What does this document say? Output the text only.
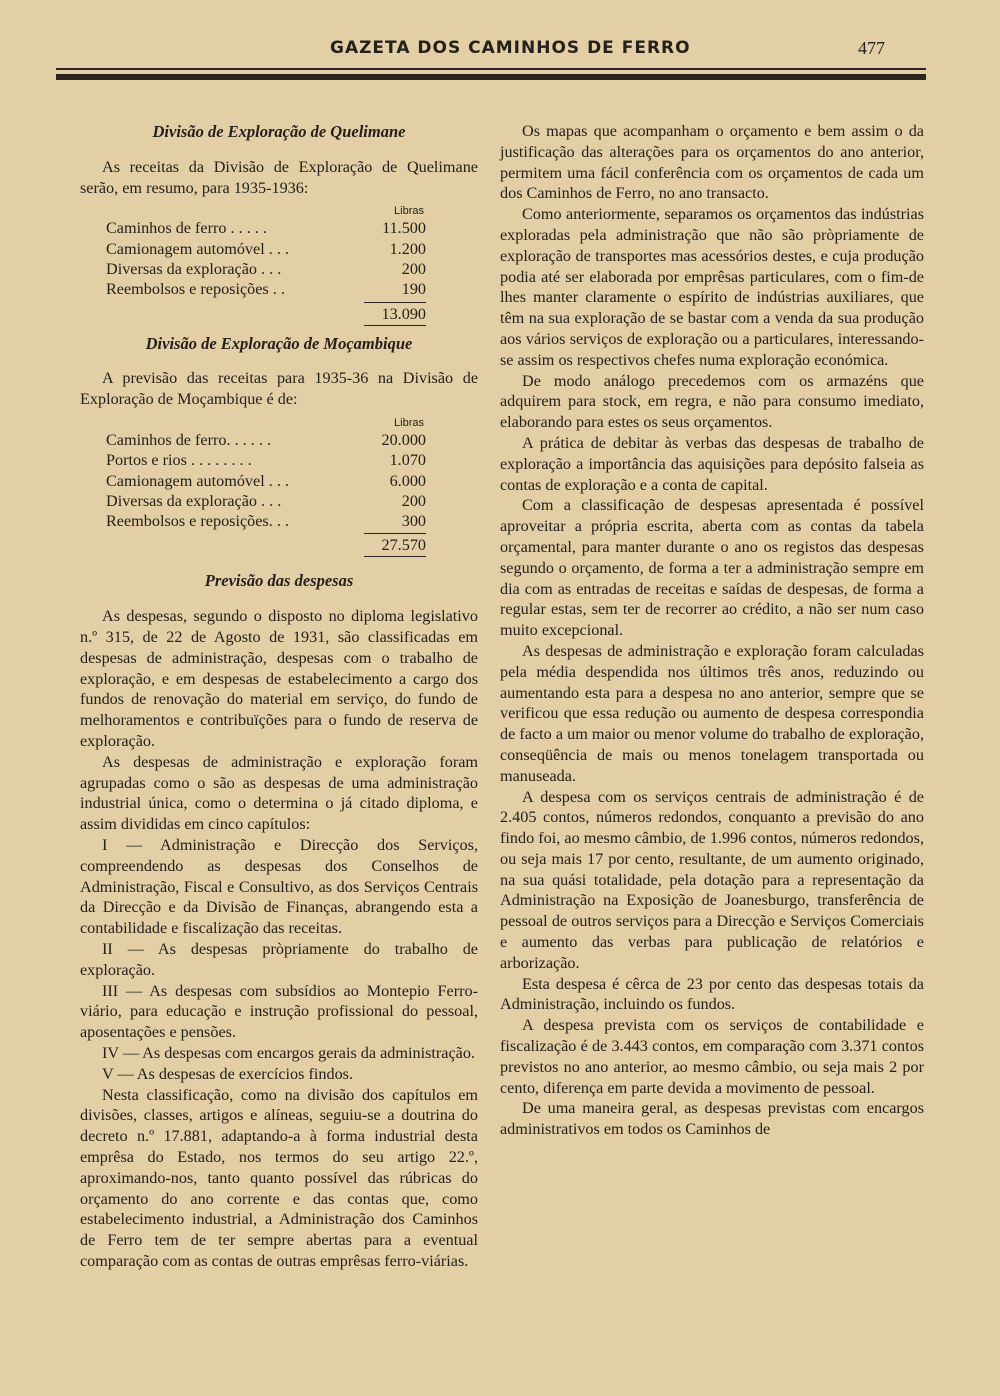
GAZETA DOS CAMINHOS DE FERRO	477
Divisão de Exploração de Quelimane

As receitas da Divisão de Exploração de Quelimane serão, em resumo, para 1935-1936:

Libras
Caminhos de ferro . . . . .	11.500
Camionagem automóvel . . .	1.200
Diversas da exploração . . .	200
Reembolsos e reposições . .	190
13.090
Divisão de Exploração de Moçambique

A previsão das receitas para 1935-36 na Divisão de Exploração de Moçambique é de:

Libras
Caminhos de ferro. . . . . .	20.000
Portos e rios . . . . . . . .	1.070
Camionagem automóvel . . .	6.000
Diversas da exploração . . .	200
Reembolsos e reposições. . .	300
27.570
Previsão das despesas

As despesas, segundo o disposto no diploma legislativo n.º 315, de 22 de Agosto de 1931, são classificadas em despesas de administração, despesas com o trabalho de exploração, e em despesas de estabelecimento a cargo dos fundos de renovação do material em serviço, do fundo de melhoramentos e contribuïções para o fundo de reserva de exploração.

As despesas de administração e exploração foram agrupadas como o são as despesas de uma administração industrial única, como o determina o já citado diploma, e assim divididas em cinco capítulos:

I — Administração e Direcção dos Serviços, compreendendo as despesas dos Conselhos de Administração, Fiscal e Consultivo, as dos Serviços Centrais da Direcção e da Divisão de Finanças, abrangendo esta a contabilidade e fiscalização das receitas.

II — As despesas pròpriamente do trabalho de exploração.

III — As despesas com subsídios ao Montepio Ferro-viário, para educação e instrução profissional do pessoal, aposentações e pensões.

IV — As despesas com encargos gerais da administração.

V — As despesas de exercícios findos.

Nesta classificação, como na divisão dos capítulos em divisões, classes, artigos e alíneas, seguiu-se a doutrina do decreto n.º 17.881, adaptando-a à forma industrial desta emprêsa do Estado, nos termos do seu artigo 22.º, aproximando-nos, tanto quanto possível das rúbricas do orçamento do ano corrente e das contas que, como estabelecimento industrial, a Administração dos Caminhos de Ferro tem de ter sempre abertas para a eventual comparação com as contas de outras emprêsas ferro-viárias.

Os mapas que acompanham o orçamento e bem assim o da justificação das alterações para os orçamentos do ano anterior, permitem uma fácil conferência com os orçamentos de cada um dos Caminhos de Ferro, no ano transacto.

Como anteriormente, separamos os orçamentos das indústrias exploradas pela administração que não são pròpriamente de exploração de transportes mas acessórios destes, e cuja produção podia até ser elaborada por emprêsas particulares, com o fim-de lhes manter claramente o espírito de indústrias auxiliares, que têm na sua exploração de se bastar com a venda da sua produção aos vários serviços de exploração ou a particulares, interessando-se assim os respectivos chefes numa exploração económica.

De modo análogo precedemos com os armazéns que adquirem para stock, em regra, e não para consumo imediato, elaborando para estes os seus orçamentos.

A prática de debitar às verbas das despesas de trabalho de exploração a importância das aquisições para depósito falseia as contas de exploração e a conta de capital.

Com a classificação de despesas apresentada é possível aproveitar a própria escrita, aberta com as contas da tabela orçamental, para manter durante o ano os registos das despesas segundo o orçamento, de forma a ter a administração sempre em dia com as entradas de receitas e saídas de despesas, de forma a regular estas, sem ter de recorrer ao crédito, a não ser num caso muito excepcional.

As despesas de administração e exploração foram calculadas pela média despendida nos últimos três anos, reduzindo ou aumentando esta para a despesa no ano anterior, sempre que se verificou que essa redução ou aumento de despesa correspondia de facto a um maior ou menor volume do trabalho de exploração, conseqüência de mais ou menos tonelagem transportada ou manuseada.

A despesa com os serviços centrais de administração é de 2.405 contos, números redondos, conquanto a previsão do ano findo foi, ao mesmo câmbio, de 1.996 contos, números redondos, ou seja mais 17 por cento, resultante, de um aumento originado, na sua quási totalidade, pela dotação para a representação da Administração na Exposição de Joanesburgo, transferência de pessoal de outros serviços para a Direcção e Serviços Comerciais e aumento das verbas para publicação de relatórios e arborização.

Esta despesa é cêrca de 23 por cento das despesas totais da Administração, incluindo os fundos.

A despesa prevista com os serviços de contabilidade e fiscalização é de 3.443 contos, em comparação com 3.371 contos previstos no ano anterior, ao mesmo câmbio, ou seja mais 2 por cento, diferença em parte devida a movimento de pessoal.

De uma maneira geral, as despesas previstas com encargos administrativos em todos os Caminhos de
